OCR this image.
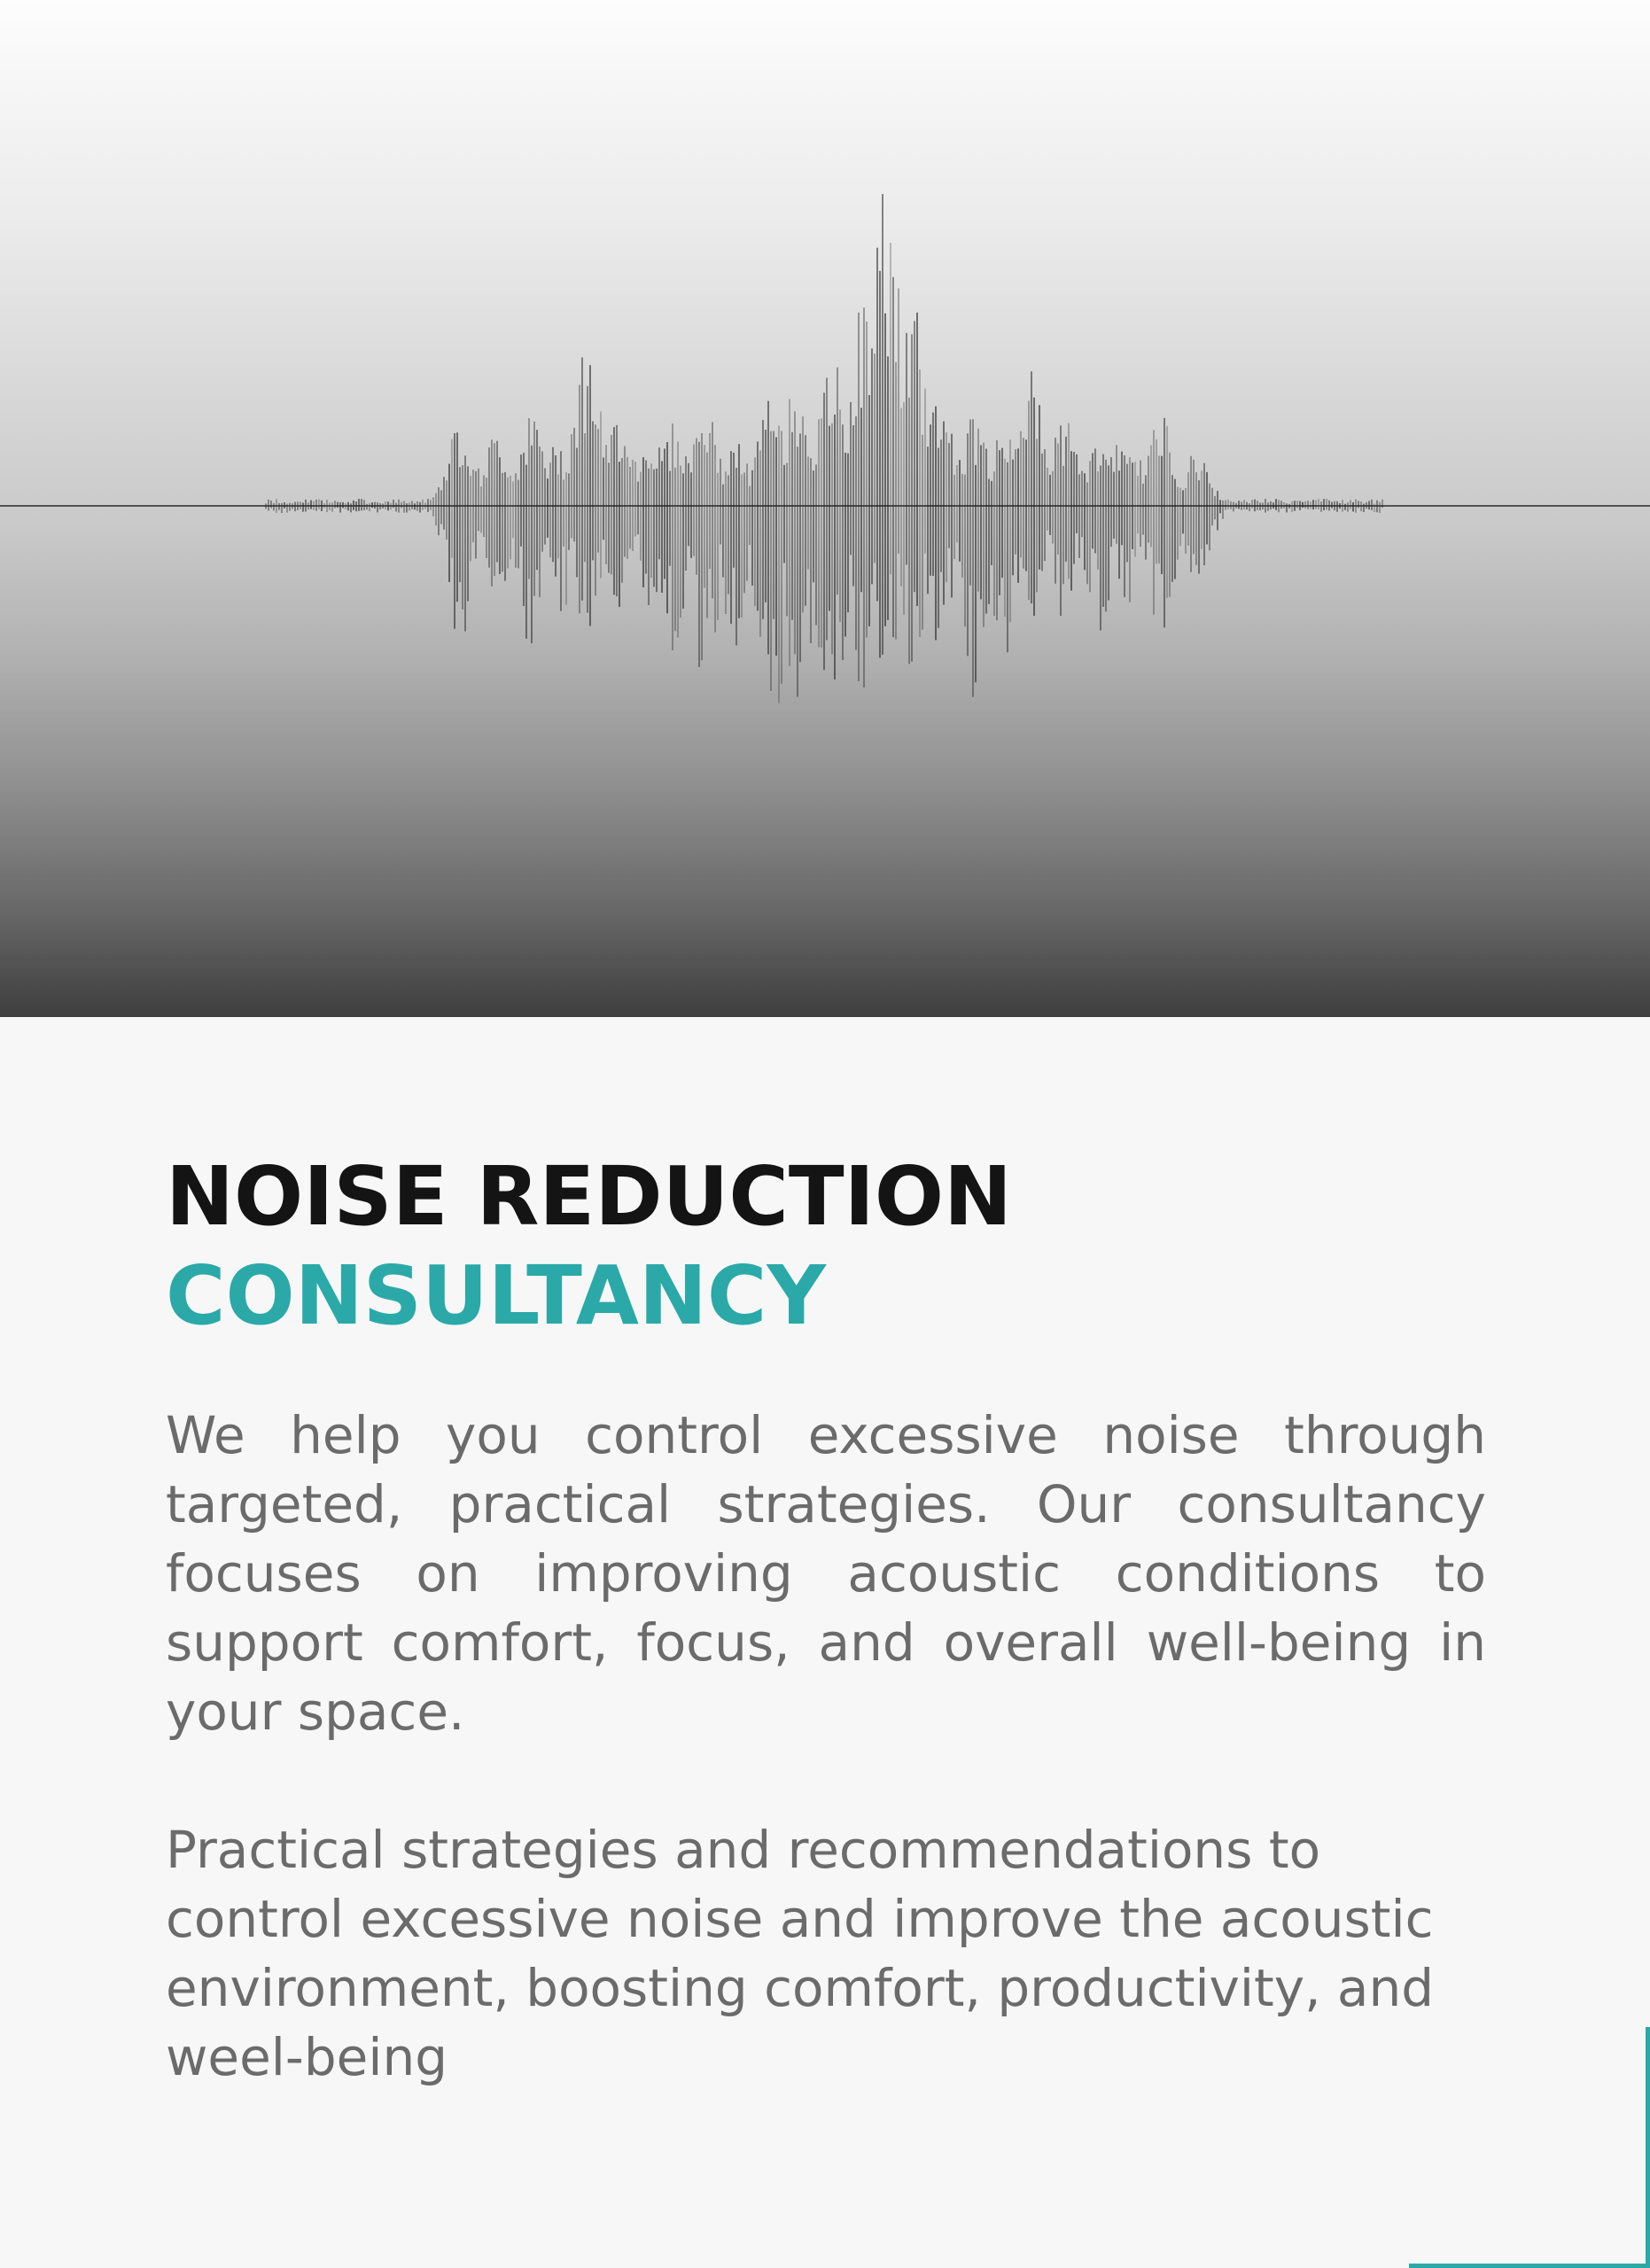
NOISE REDUCTION
CONSULTANCY

We help you control excessive noise through targeted, practical strategies. Our consultancy focuses on improving acoustic conditions to support comfort, focus, and overall well-being in your space.

Practical strategies and recommendations to control excessive noise and improve the acoustic environment, boosting comfort, productivity, and weel-being
